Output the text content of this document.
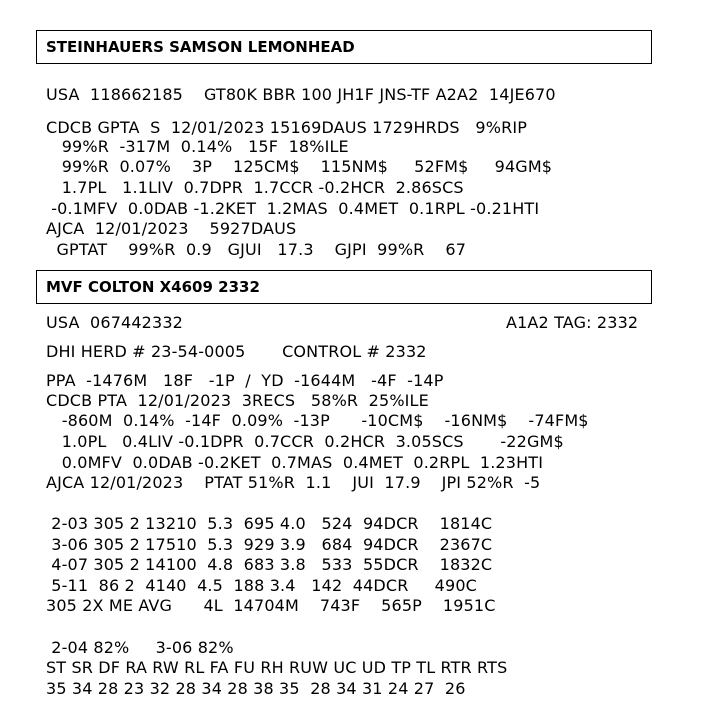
STEINHAUERS SAMSON LEMONHEAD
USA  118662185    GT80K BBR 100 JH1F JNS-TF A2A2  14JE670
CDCB GPTA  S  12/01/2023 15169DAUS 1729HRDS   9%RIP
99%R  -317M  0.14%   15F  18%ILE
99%R  0.07%    3P    125CM$    115NM$     52FM$     94GM$
1.7PL   1.1LIV  0.7DPR  1.7CCR -0.2HCR  2.86SCS
-0.1MFV  0.0DAB -1.2KET  1.2MAS  0.4MET  0.1RPL -0.21HTI
AJCA  12/01/2023    5927DAUS
GPTAT    99%R  0.9   GJUI   17.3    GJPI  99%R    67
MVF COLTON X4609 2332
USA  067442332	A1A2 TAG: 2332
DHI HERD # 23-54-0005       CONTROL # 2332
PPA  -1476M   18F   -1P  /  YD  -1644M   -4F  -14P
CDCB PTA  12/01/2023  3RECS   58%R  25%ILE
-860M  0.14%  -14F  0.09%  -13P      -10CM$    -16NM$    -74FM$
1.0PL   0.4LIV -0.1DPR  0.7CCR  0.2HCR  3.05SCS       -22GM$
0.0MFV  0.0DAB -0.2KET  0.7MAS  0.4MET  0.2RPL  1.23HTI
AJCA 12/01/2023    PTAT 51%R  1.1    JUI  17.9    JPI 52%R  -5
2-03 305 2 13210  5.3  695 4.0   524  94DCR    1814C
3-06 305 2 17510  5.3  929 3.9   684  94DCR    2367C
4-07 305 2 14100  4.8  683 3.8   533  55DCR    1832C
5-11  86 2  4140  4.5  188 3.4   142  44DCR     490C
305 2X ME AVG      4L  14704M    743F    565P    1951C
2-04 82%     3-06 82%
ST SR DF RA RW RL FA FU RH RUW UC UD TP TL RTR RTS
35 34 28 23 32 28 34 28 38 35  28 34 31 24 27  26
